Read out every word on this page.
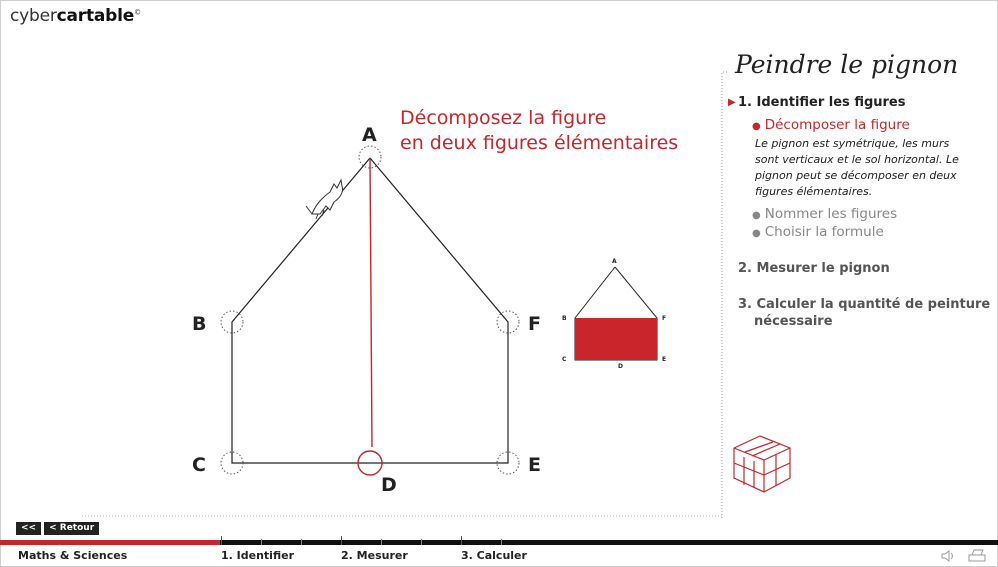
cybercartable©
Décomposez la figure
en deux figures élémentaires
A
B
C
D
E
F
A
B
C
D
E
F
Peindre le pignon
▶ 1. Identifier les figures
● Décomposer la figure
Le pignon est symétrique, les murs sont verticaux et le sol horizontal. Le pignon peut se décomposer en deux figures élémentaires.
● Nommer les figures
● Choisir la formule
2. Mesurer le pignon
3. Calculer la quantité de peinture
nécessaire
<<	< Retour
Maths & Sciences	1. Identifier	2. Mesurer	3. Calculer
